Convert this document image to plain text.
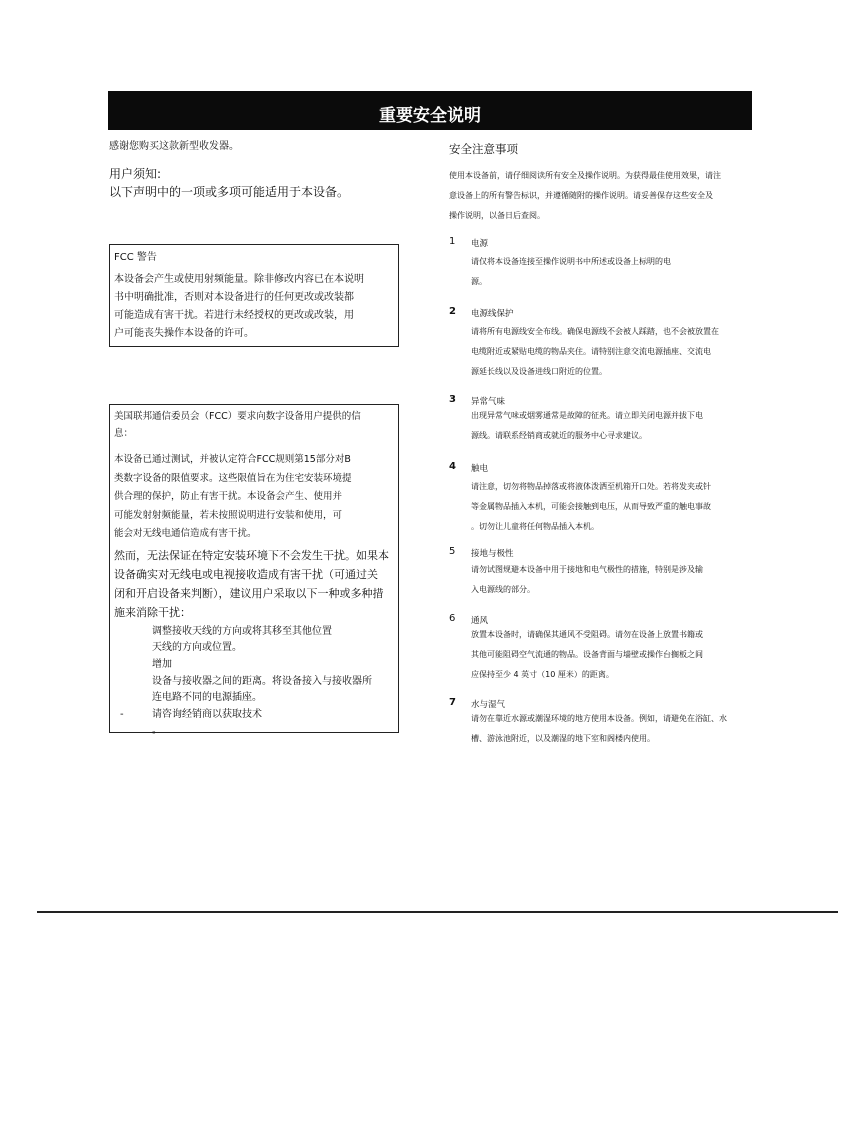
重要安全说明
感谢您购买这款新型收发器。
用户须知:
以下声明中的一项或多项可能适用于本设备。
FCC 警告
本设备会产生或使用射频能量。除非修改内容已在本说明
书中明确批准，否则对本设备进行的任何更改或改装都
可能造成有害干扰。若进行未经授权的更改或改装，用
户可能丧失操作本设备的许可。
美国联邦通信委员会（FCC）要求向数字设备用户提供的信
息：
本设备已通过测试，并被认定符合FCC规则第15部分对B
类数字设备的限值要求。这些限值旨在为住宅安装环境提
供合理的保护，防止有害干扰。本设备会产生、使用并
可能发射射频能量，若未按照说明进行安装和使用，可
能会对无线电通信造成有害干扰。
然而，无法保证在特定安装环境下不会发生干扰。如果本
设备确实对无线电或电视接收造成有害干扰（可通过关
闭和开启设备来判断），建议用户采取以下一种或多种措
施来消除干扰：
调整接收天线的方向或将其移至其他位置
天线的方向或位置。
增加
设备与接收器之间的距离。将设备接入与接收器所
连电路不同的电源插座。
-	请咨询经销商以获取技术
。
安全注意事项
使用本设备前，请仔细阅读所有安全及操作说明。为获得最佳使用效果，请注
意设备上的所有警告标识，并遵循随附的操作说明。请妥善保存这些安全及
操作说明，以备日后查阅。
1 电源
请仅将本设备连接至操作说明书中所述或设备上标明的电
源。
2 电源线保护
请将所有电源线安全布线。确保电源线不会被人踩踏，也不会被放置在
电缆附近或紧贴电缆的物品夹住。请特别注意交流电源插座、交流电
源延长线以及设备进线口附近的位置。
3 异常气味
出现异常气味或烟雾通常是故障的征兆。请立即关闭电源并拔下电
源线。请联系经销商或就近的服务中心寻求建议。
4 触电
请注意，切勿将物品掉落或将液体泼洒至机箱开口处。若将发夹或针
等金属物品插入本机，可能会接触到电压，从而导致严重的触电事故
。切勿让儿童将任何物品插入本机。
5 接地与极性
请勿试图规避本设备中用于接地和电气极性的措施，特别是涉及输
入电源线的部分。
6 通风
放置本设备时，请确保其通风不受阻碍。请勿在设备上放置书籍或
其他可能阻碍空气流通的物品。设备背面与墙壁或操作台搁板之间
应保持至少 4 英寸（10 厘米）的距离。
7 水与湿气
请勿在靠近水源或潮湿环境的地方使用本设备。例如，请避免在浴缸、水
槽、游泳池附近，以及潮湿的地下室和阁楼内使用。
